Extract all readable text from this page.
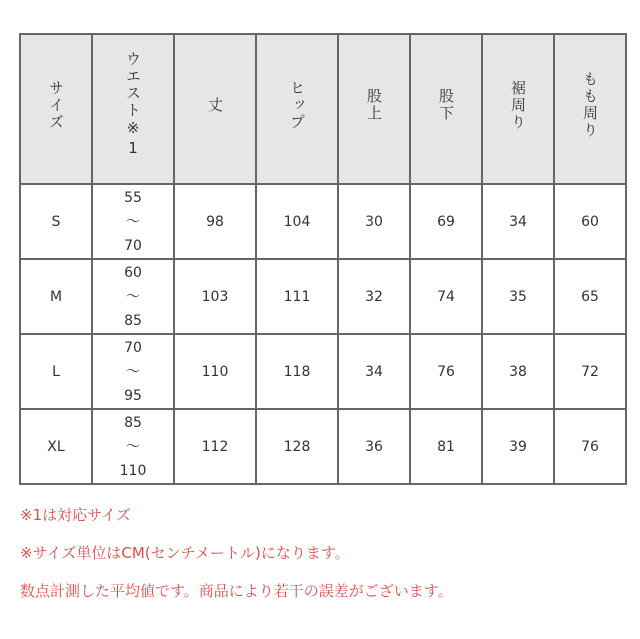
サイズ	ウエスト※1	丈	ヒップ	股上	股下	裾周り	もも周り
S	55
〜
70	98	104	30	69	34	60
M	60
〜
85	103	111	32	74	35	65
L	70
〜
95	110	118	34	76	38	72
XL	85
〜
110	112	128	36	81	39	76
※1は対応サイズ
※サイズ単位はCM(センチメートル)になります。
数点計測した平均値です。商品により若干の誤差がございます。
